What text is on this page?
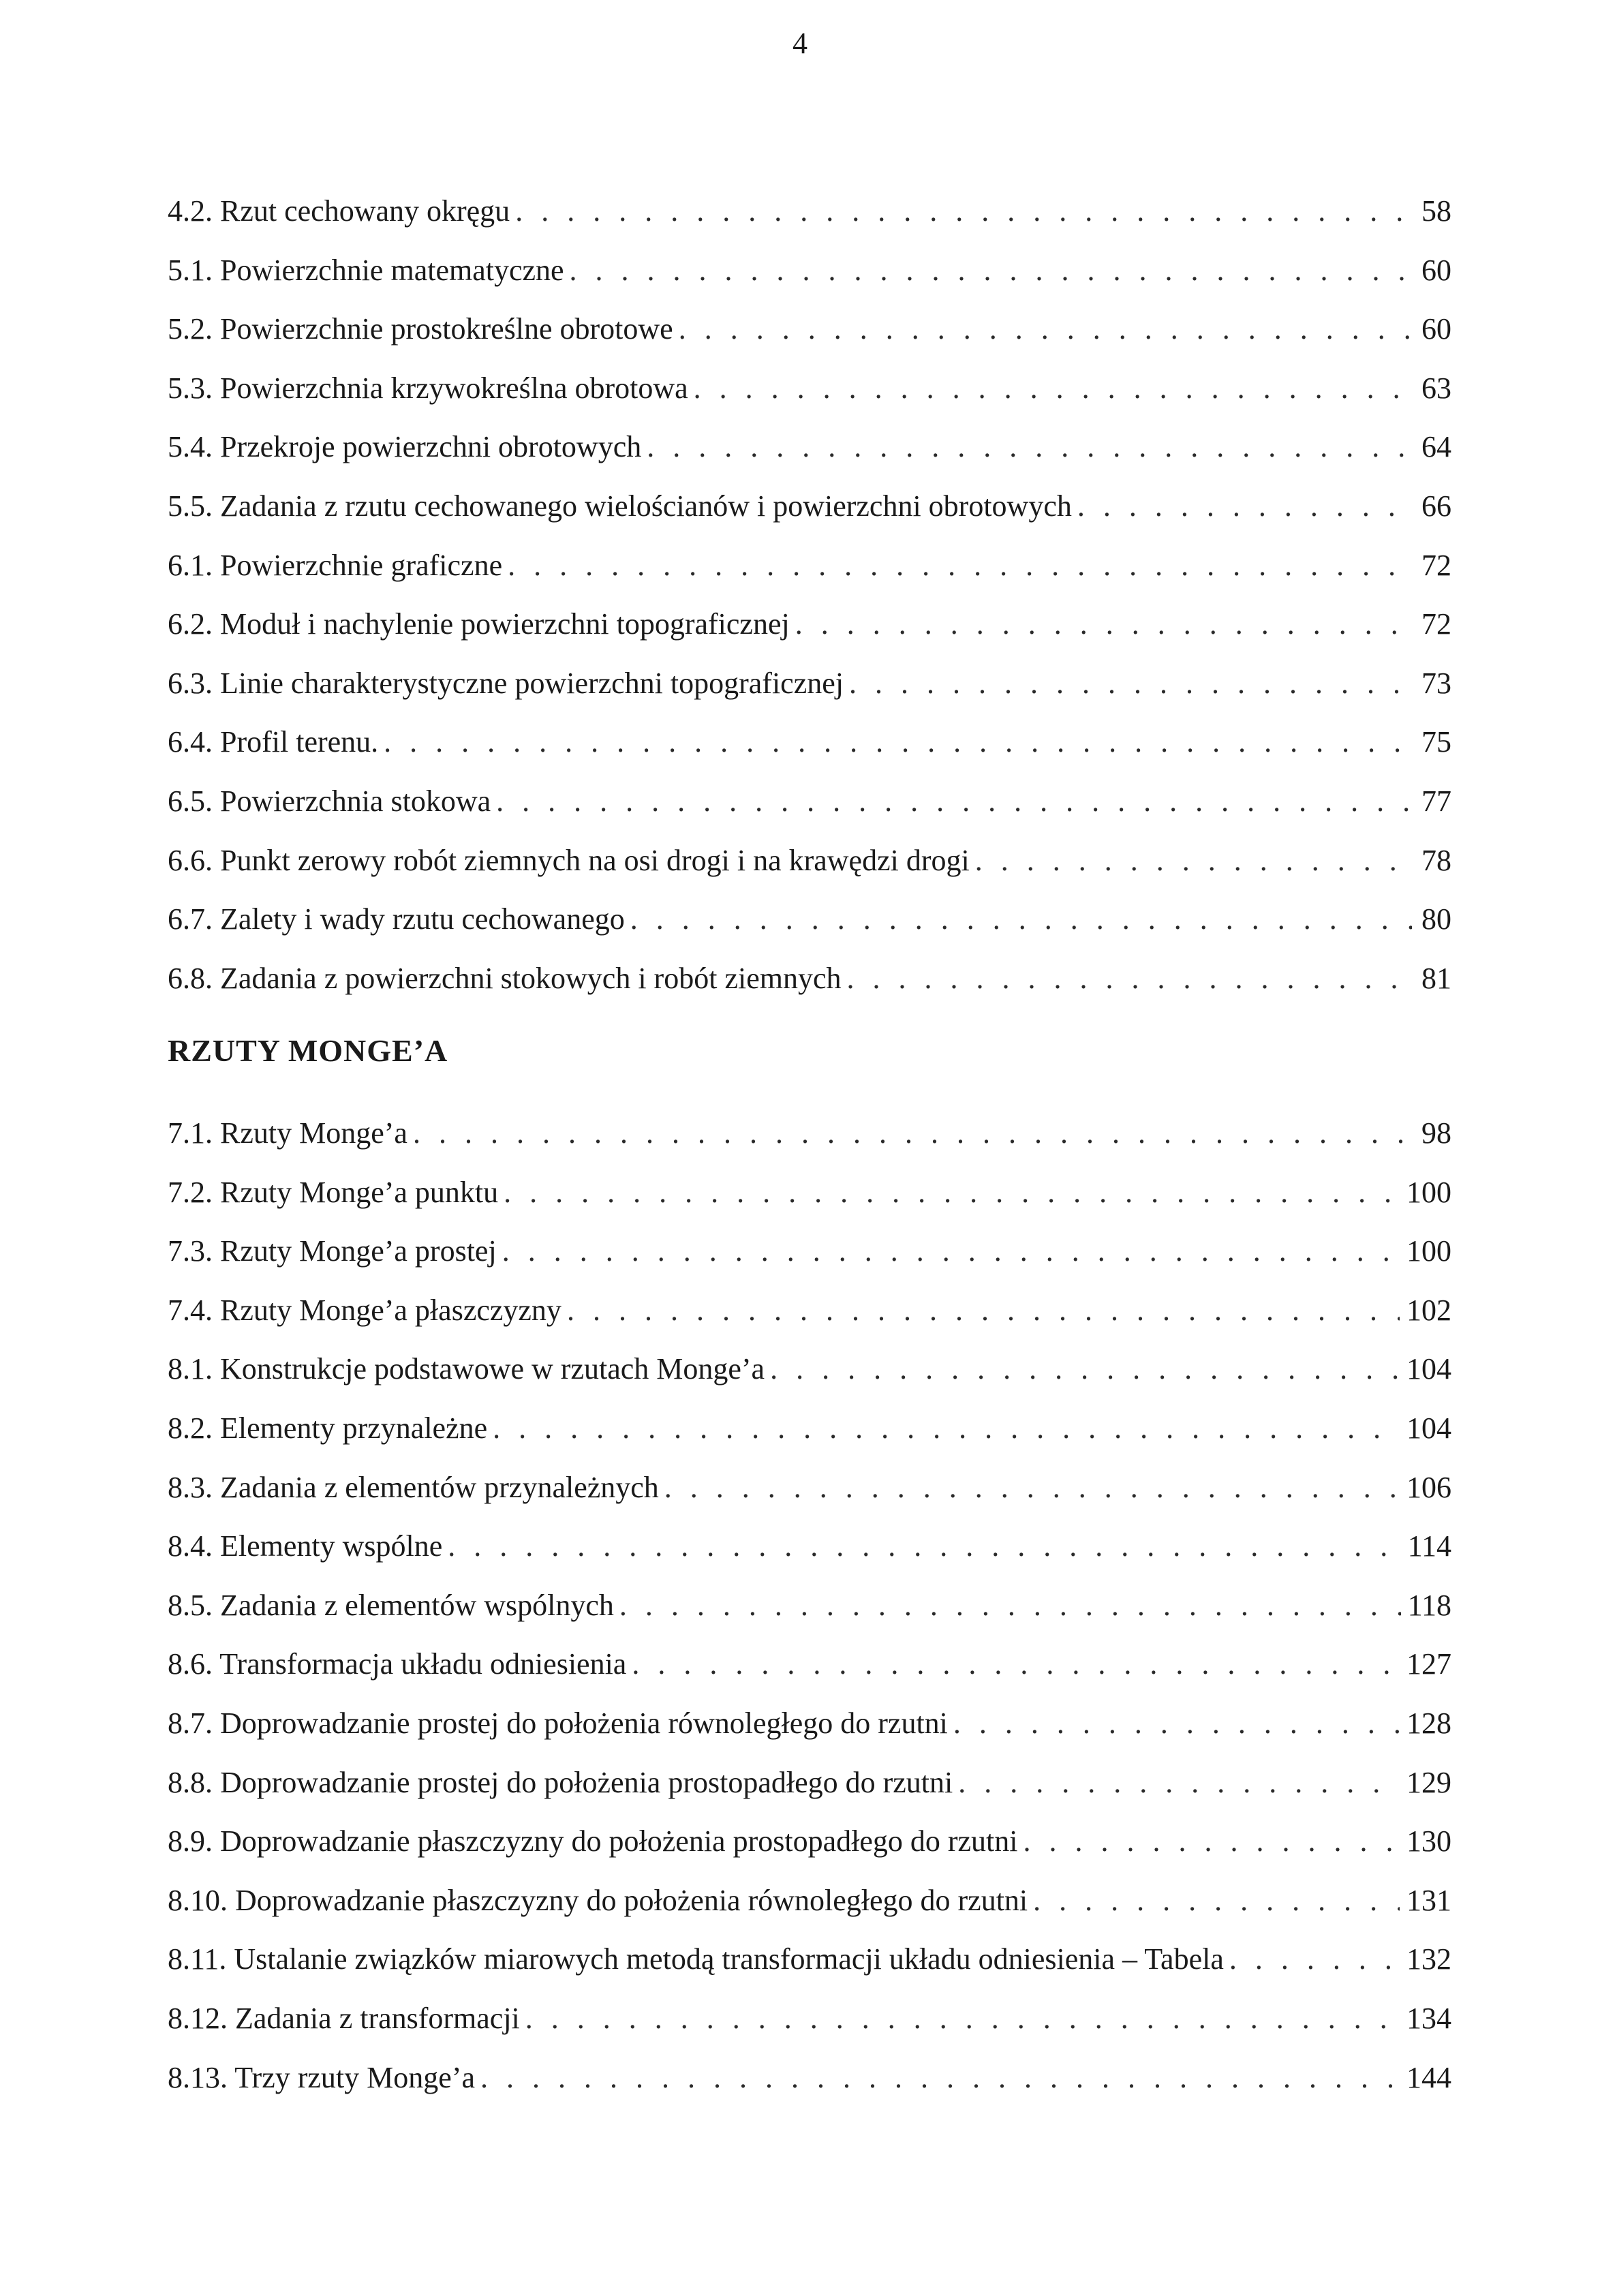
4
4.2. Rzut cechowany okręgu . . .	58
5.1. Powierzchnie matematyczne . . .	60
5.2. Powierzchnie prostokreślne obrotowe . . .	60
5.3. Powierzchnia krzywokreślna obrotowa . . .	63
5.4. Przekroje powierzchni obrotowych . . .	64
5.5. Zadania z rzutu cechowanego wielościanów i powierzchni obrotowych . . .	66
6.1. Powierzchnie graficzne . . .	72
6.2. Moduł i nachylenie powierzchni topograficznej . . .	72
6.3. Linie charakterystyczne powierzchni topograficznej . . .	73
6.4. Profil terenu. . . .	75
6.5. Powierzchnia stokowa . . .	77
6.6. Punkt zerowy robót ziemnych na osi drogi i na krawędzi drogi . . .	78
6.7. Zalety i wady rzutu cechowanego . . .	80
6.8. Zadania z powierzchni stokowych i robót ziemnych . . .	81
RZUTY MONGE’A
7.1. Rzuty Monge’a . . .	98
7.2. Rzuty Monge’a punktu . . .	100
7.3. Rzuty Monge’a prostej . . .	100
7.4. Rzuty Monge’a płaszczyzny . . .	102
8.1. Konstrukcje podstawowe w rzutach Monge’a . . .	104
8.2. Elementy przynależne . . .	104
8.3. Zadania z elementów przynależnych . . .	106
8.4. Elementy wspólne . . .	114
8.5. Zadania z elementów wspólnych . . .	118
8.6. Transformacja układu odniesienia . . .	127
8.7. Doprowadzanie prostej do położenia równoległego do rzutni . . .	128
8.8. Doprowadzanie prostej do położenia prostopadłego do rzutni . . .	129
8.9. Doprowadzanie płaszczyzny do położenia prostopadłego do rzutni . . .	130
8.10. Doprowadzanie płaszczyzny do położenia równoległego do rzutni . . .	131
8.11. Ustalanie związków miarowych metodą transformacji układu odniesienia – Tabela . . .	132
8.12. Zadania z transformacji . . .	134
8.13. Trzy rzuty Monge’a . . .	144
